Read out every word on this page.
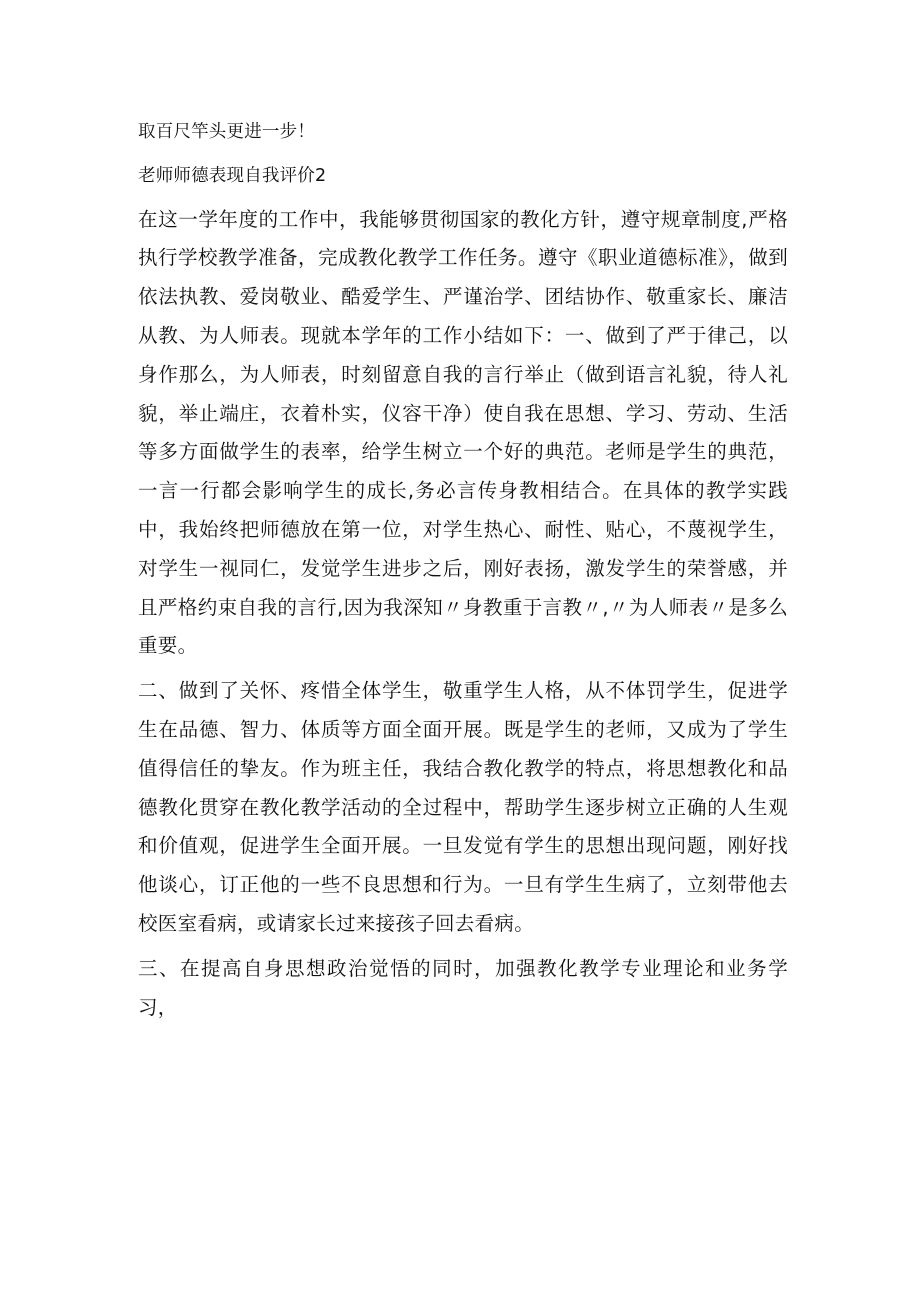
取百尺竿头更进一步！

老师师德表现自我评价2

在这一学年度的工作中，我能够贯彻国家的教化方针，遵守规章制度,严格执行学校教学准备，完成教化教学工作任务。遵守《职业道德标准》，做到依法执教、爱岗敬业、酷爱学生、严谨治学、团结协作、敬重家长、廉洁从教、为人师表。现就本学年的工作小结如下：一、做到了严于律己，以身作那么，为人师表，时刻留意自我的言行举止（做到语言礼貌，待人礼貌，举止端庄，衣着朴实，仪容干净）使自我在思想、学习、劳动、生活等多方面做学生的表率，给学生树立一个好的典范。老师是学生的典范，一言一行都会影响学生的成长,务必言传身教相结合。在具体的教学实践中，我始终把师德放在第一位，对学生热心、耐性、贴心，不蔑视学生，对学生一视同仁，发觉学生进步之后，刚好表扬，激发学生的荣誉感，并且严格约束自我的言行,因为我深知〃身教重于言教〃,〃为人师表〃是多么重要。

二、做到了关怀、疼惜全体学生，敬重学生人格，从不体罚学生，促进学生在品德、智力、体质等方面全面开展。既是学生的老师，又成为了学生值得信任的挚友。作为班主任，我结合教化教学的特点，将思想教化和品德教化贯穿在教化教学活动的全过程中，帮助学生逐步树立正确的人生观和价值观，促进学生全面开展。一旦发觉有学生的思想出现问题，刚好找他谈心，订正他的一些不良思想和行为。一旦有学生生病了，立刻带他去校医室看病，或请家长过来接孩子回去看病。

三、在提高自身思想政治觉悟的同时，加强教化教学专业理论和业务学习，
